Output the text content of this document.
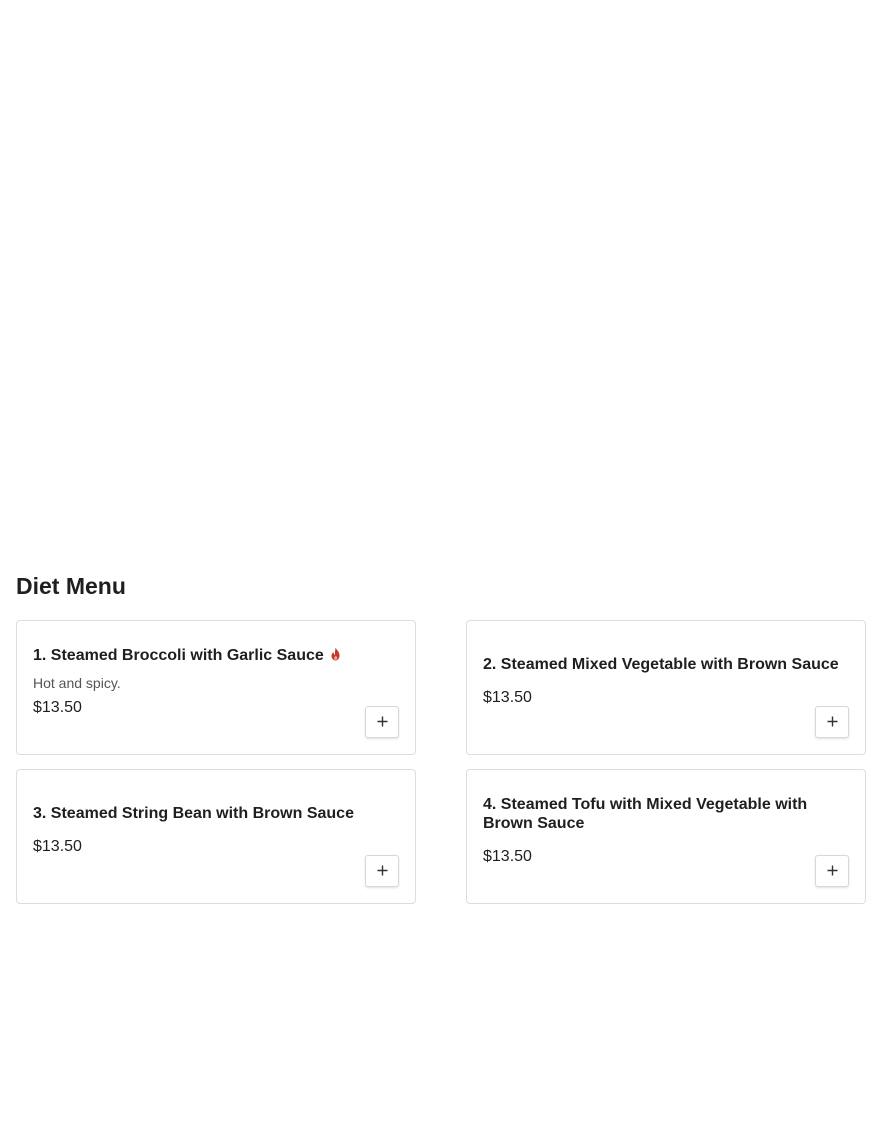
Diet Menu
1. Steamed Broccoli with Garlic Sauce
Hot and spicy.
$13.50
2. Steamed Mixed Vegetable with Brown Sauce
$13.50
3. Steamed String Bean with Brown Sauce
$13.50
4. Steamed Tofu with Mixed Vegetable with Brown Sauce
$13.50
